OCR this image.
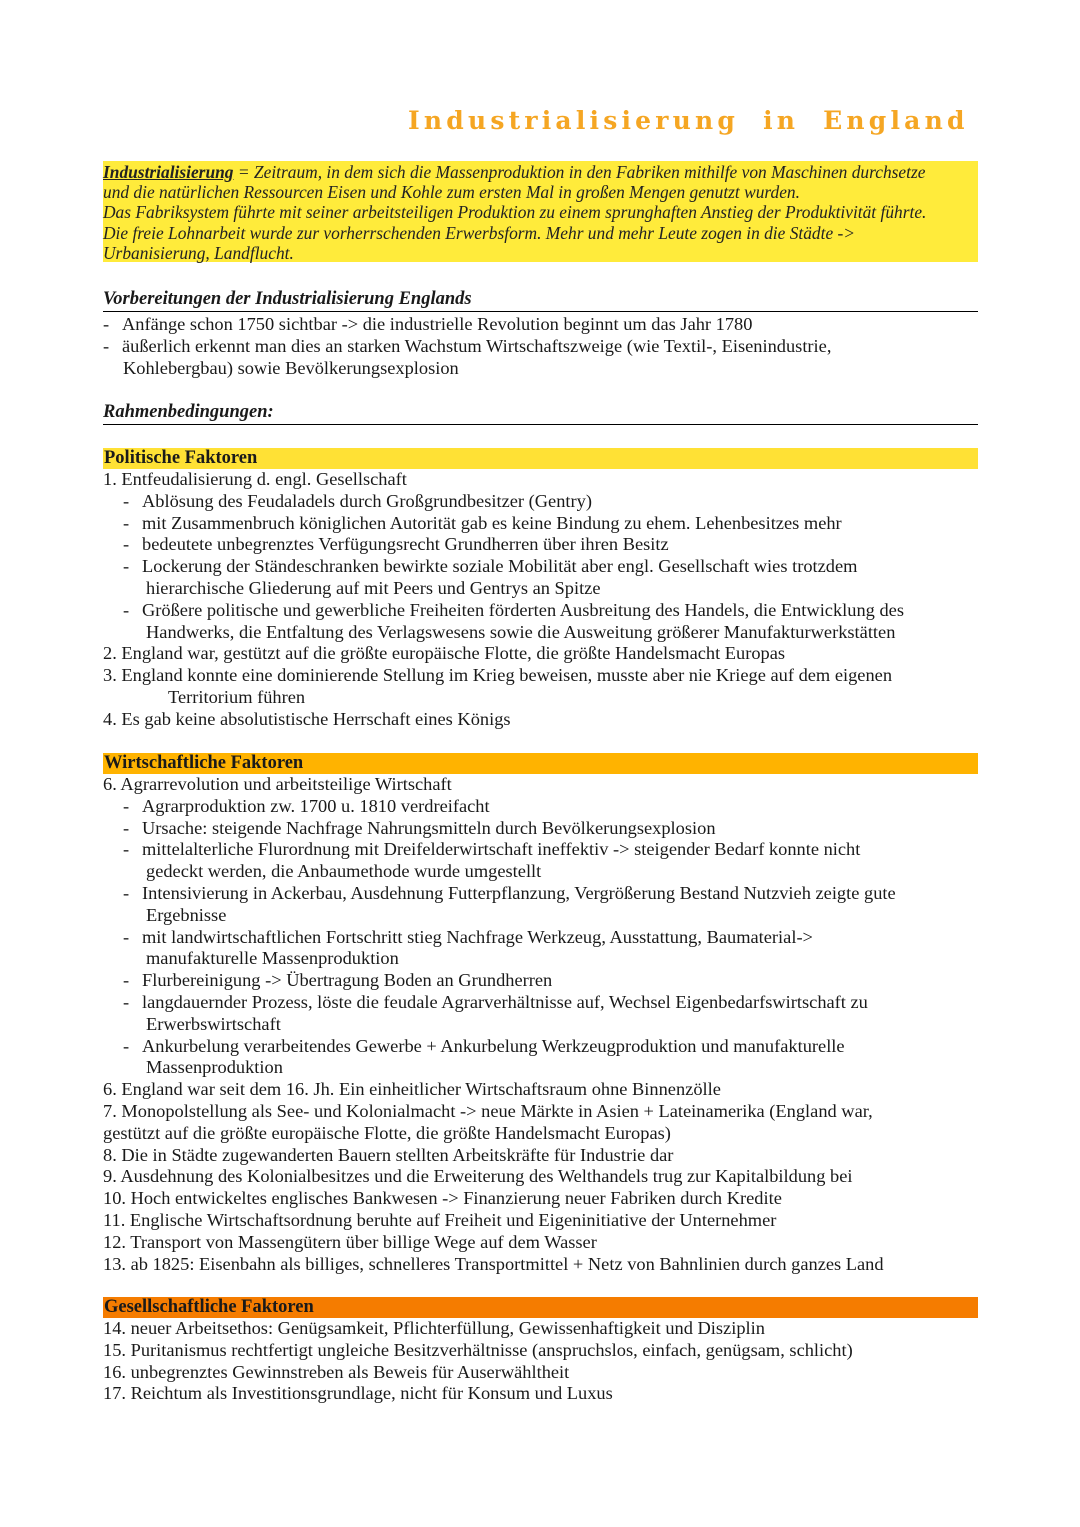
Industrialisierung in England
Industrialisierung = Zeitraum, in dem sich die Massenproduktion in den Fabriken mithilfe von Maschinen durchsetze
und die natürlichen Ressourcen Eisen und Kohle zum ersten Mal in großen Mengen genutzt wurden.
Das Fabriksystem führte mit seiner arbeitsteiligen Produktion zu einem sprunghaften Anstieg der Produktivität führte.
Die freie Lohnarbeit wurde zur vorherrschenden Erwerbsform. Mehr und mehr Leute zogen in die Städte ->
Urbanisierung, Landflucht.
Vorbereitungen der Industrialisierung Englands
- Anfänge schon 1750 sichtbar -> die industrielle Revolution beginnt um das Jahr 1780
- äußerlich erkennt man dies an starken Wachstum Wirtschaftszweige (wie Textil-, Eisenindustrie,
Kohlebergbau) sowie Bevölkerungsexplosion
Rahmenbedingungen:
Politische Faktoren
1. Entfeudalisierung d. engl. Gesellschaft
- Ablösung des Feudaladels durch Großgrundbesitzer (Gentry)
- mit Zusammenbruch königlichen Autorität gab es keine Bindung zu ehem. Lehenbesitzes mehr
- bedeutete unbegrenztes Verfügungsrecht Grundherren über ihren Besitz
- Lockerung der Ständeschranken bewirkte soziale Mobilität aber engl. Gesellschaft wies trotzdem
hierarchische Gliederung auf mit Peers und Gentrys an Spitze
- Größere politische und gewerbliche Freiheiten förderten Ausbreitung des Handels, die Entwicklung des
Handwerks, die Entfaltung des Verlagswesens sowie die Ausweitung größerer Manufakturwerkstätten
2. England war, gestützt auf die größte europäische Flotte, die größte Handelsmacht Europas
3. England konnte eine dominierende Stellung im Krieg beweisen, musste aber nie Kriege auf dem eigenen
Territorium führen
4. Es gab keine absolutistische Herrschaft eines Königs
Wirtschaftliche Faktoren
6. Agrarrevolution und arbeitsteilige Wirtschaft
- Agrarproduktion zw. 1700 u. 1810 verdreifacht
- Ursache: steigende Nachfrage Nahrungsmitteln durch Bevölkerungsexplosion
- mittelalterliche Flurordnung mit Dreifelderwirtschaft ineffektiv -> steigender Bedarf konnte nicht
gedeckt werden, die Anbaumethode wurde umgestellt
- Intensivierung in Ackerbau, Ausdehnung Futterpflanzung, Vergrößerung Bestand Nutzvieh zeigte gute
Ergebnisse
- mit landwirtschaftlichen Fortschritt stieg Nachfrage Werkzeug, Ausstattung, Baumaterial->
manufakturelle Massenproduktion
- Flurbereinigung -> Übertragung Boden an Grundherren
- langdauernder Prozess, löste die feudale Agrarverhältnisse auf, Wechsel Eigenbedarfswirtschaft zu
Erwerbswirtschaft
- Ankurbelung verarbeitendes Gewerbe + Ankurbelung Werkzeugproduktion und manufakturelle
Massenproduktion
6. England war seit dem 16. Jh. Ein einheitlicher Wirtschaftsraum ohne Binnenzölle
7. Monopolstellung als See- und Kolonialmacht -> neue Märkte in Asien + Lateinamerika (England war,
gestützt auf die größte europäische Flotte, die größte Handelsmacht Europas)
8. Die in Städte zugewanderten Bauern stellten Arbeitskräfte für Industrie dar
9. Ausdehnung des Kolonialbesitzes und die Erweiterung des Welthandels trug zur Kapitalbildung bei
10. Hoch entwickeltes englisches Bankwesen -> Finanzierung neuer Fabriken durch Kredite
11. Englische Wirtschaftsordnung beruhte auf Freiheit und Eigeninitiative der Unternehmer
12. Transport von Massengütern über billige Wege auf dem Wasser
13. ab 1825: Eisenbahn als billiges, schnelleres Transportmittel + Netz von Bahnlinien durch ganzes Land
Gesellschaftliche Faktoren
14. neuer Arbeitsethos: Genügsamkeit, Pflichterfüllung, Gewissenhaftigkeit und Disziplin
15. Puritanismus rechtfertigt ungleiche Besitzverhältnisse (anspruchslos, einfach, genügsam, schlicht)
16. unbegrenztes Gewinnstreben als Beweis für Auserwähltheit
17. Reichtum als Investitionsgrundlage, nicht für Konsum und Luxus
